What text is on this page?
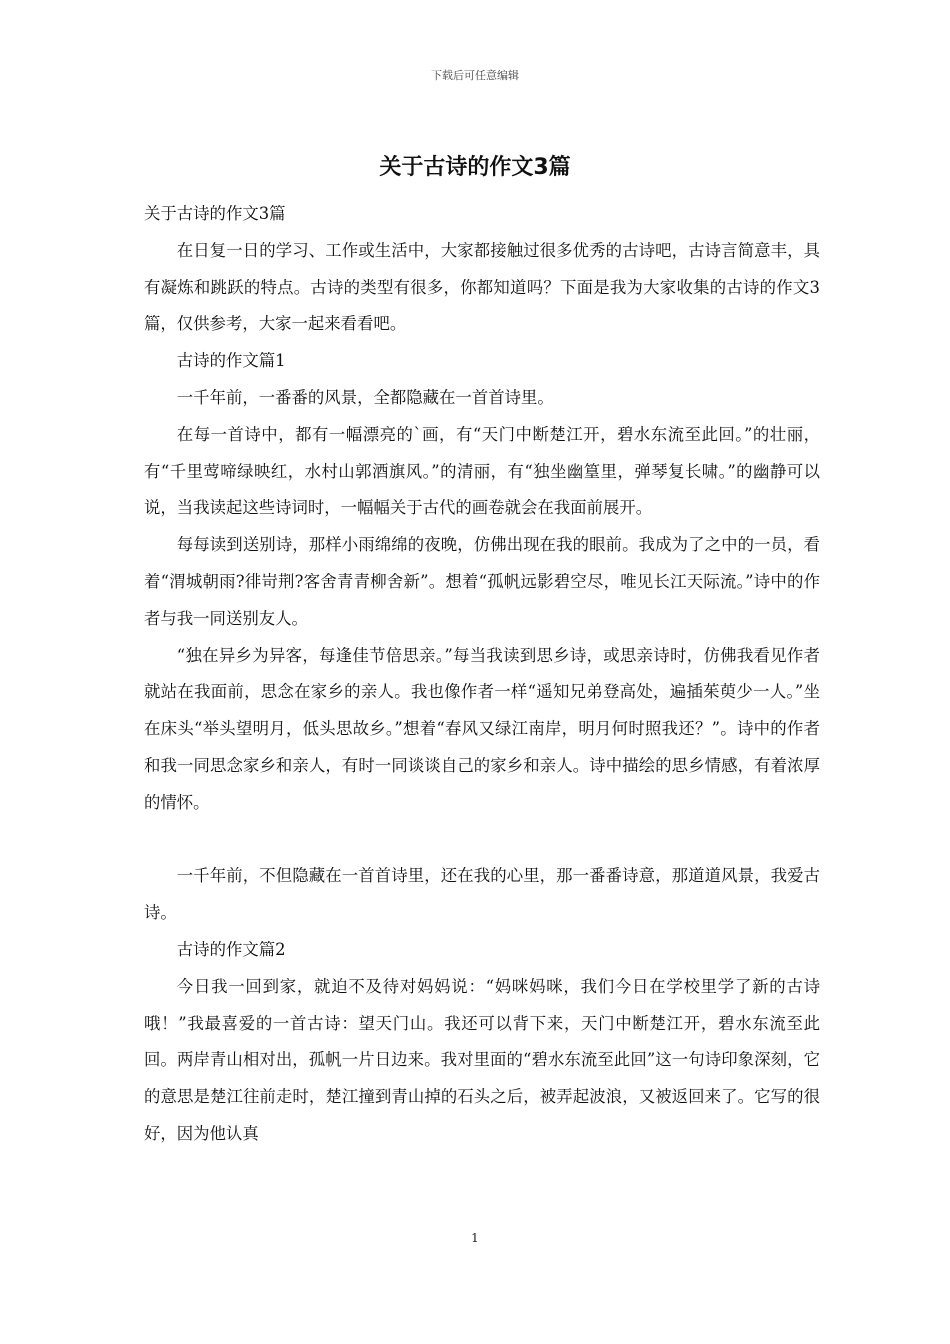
下载后可任意编辑
关于古诗的作文3篇

关于古诗的作文3篇

在日复一日的学习、工作或生活中，大家都接触过很多优秀的古诗吧，古诗言简意丰，具有凝炼和跳跃的特点。古诗的类型有很多，你都知道吗？下面是我为大家收集的古诗的作文3篇，仅供参考，大家一起来看看吧。

古诗的作文篇1

一千年前，一番番的风景，全都隐藏在一首首诗里。

在每一首诗中，都有一幅漂亮的`画，有“天门中断楚江开，碧水东流至此回。”的壮丽，有“千里莺啼绿映红，水村山郭酒旗风。”的清丽，有“独坐幽篁里，弹琴复长啸。”的幽静可以说，当我读起这些诗词时，一幅幅关于古代的画卷就会在我面前展开。

每每读到送别诗，那样小雨绵绵的夜晚，仿佛出现在我的眼前。我成为了之中的一员，看着“渭城朝雨?徘岢荆?客舍青青柳舍新”。想着“孤帆远影碧空尽，唯见长江天际流。”诗中的作者与我一同送别友人。

“独在异乡为异客，每逢佳节倍思亲。”每当我读到思乡诗，或思亲诗时，仿佛我看见作者就站在我面前，思念在家乡的亲人。我也像作者一样“遥知兄弟登高处，遍插茱萸少一人。”坐在床头“举头望明月，低头思故乡。”想着“春风又绿江南岸，明月何时照我还？”。诗中的作者和我一同思念家乡和亲人，有时一同谈谈自己的家乡和亲人。诗中描绘的思乡情感，有着浓厚的情怀。

一千年前，不但隐藏在一首首诗里，还在我的心里，那一番番诗意，那道道风景，我爱古诗。

古诗的作文篇2

今日我一回到家，就迫不及待对妈妈说：“妈咪妈咪，我们今日在学校里学了新的古诗哦！”我最喜爱的一首古诗：望天门山。我还可以背下来，天门中断楚江开，碧水东流至此回。两岸青山相对出，孤帆一片日边来。我对里面的“碧水东流至此回”这一句诗印象深刻，它的意思是楚江往前走时，楚江撞到青山掉的石头之后，被弄起波浪，又被返回来了。它写的很好，因为他认真

1
